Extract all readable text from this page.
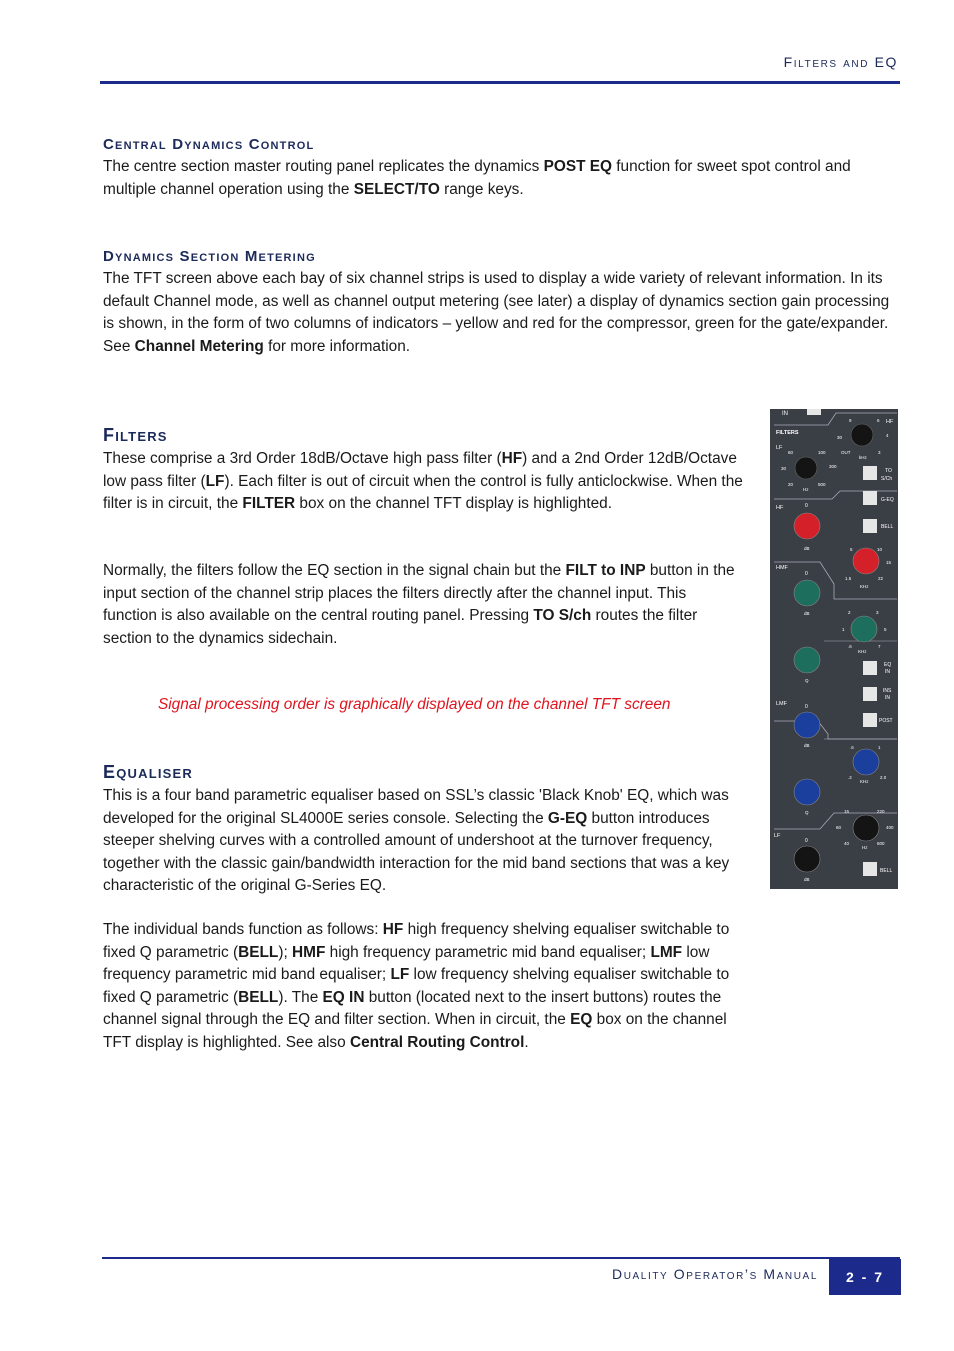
Filters and EQ
Central Dynamics Control

The centre section master routing panel replicates the dynamics POST EQ function for sweet spot control and multiple channel operation using the SELECT/TO range keys.

Dynamics Section Metering

The TFT screen above each bay of six channel strips is used to display a wide variety of relevant information. In its default Channel mode, as well as channel output metering (see later) a display of dynamics section gain processing is shown, in the form of two columns of indicators – yellow and red for the compressor, green for the gate/expander. See Channel Metering for more information.

Filters

These comprise a 3rd Order 18dB/Octave high pass filter (HF) and a 2nd Order 12dB/Octave low pass filter (LF). Each filter is out of circuit when the control is fully anticlockwise. When the filter is in circuit, the FILTER box on the channel TFT display is highlighted.

Normally, the filters follow the EQ section in the signal chain but the FILT to INP button in the input section of the channel strip places the filters directly after the channel input. This function is also available on the central routing panel. Pressing TO S/ch routes the filter section to the dynamics sidechain.

Signal processing order is graphically displayed on the channel TFT screen
Equaliser

This is a four band parametric equaliser based on SSL’s classic 'Black Knob' EQ, which was developed for the original SL4000E series console. Selecting the G-EQ button introduces steeper shelving curves with a controlled amount of undershoot at the turnover frequency, together with the classic gain/bandwidth interaction for the mid band sections that was a key characteristic of the original G-Series EQ.

The individual bands function as follows: HF high frequency shelving equaliser switchable to fixed Q parametric (BELL); HMF high frequency parametric mid band equaliser; LMF low frequency parametric mid band equaliser; LF low frequency shelving equaliser switchable to fixed Q parametric (BELL). The EQ IN button (located next to the insert buttons) routes the channel signal through the EQ and filter section. When in circuit, the EQ box on the channel TFT display is highlighted. See also Central Routing Control.

IN
FILTERS
LF
HF
9	6
4
3
30
OUT
kHz
60	100
30	300
20	500
Hz
TO
S/Ch
G-EQ
HF	0
dB
BELL
5	10
15
1.5	22
KHz
HMF
0
dB	2	3
1	5
.6	7
KHz
Q
EQ
IN
INS
IN
POST
LMF	0
dB	.6	1
.2	2.0
KHz
Q
LF
15	220
60	400
40	600
Hz
0
dB
BELL
Duality Operator’s Manual	2 - 7
